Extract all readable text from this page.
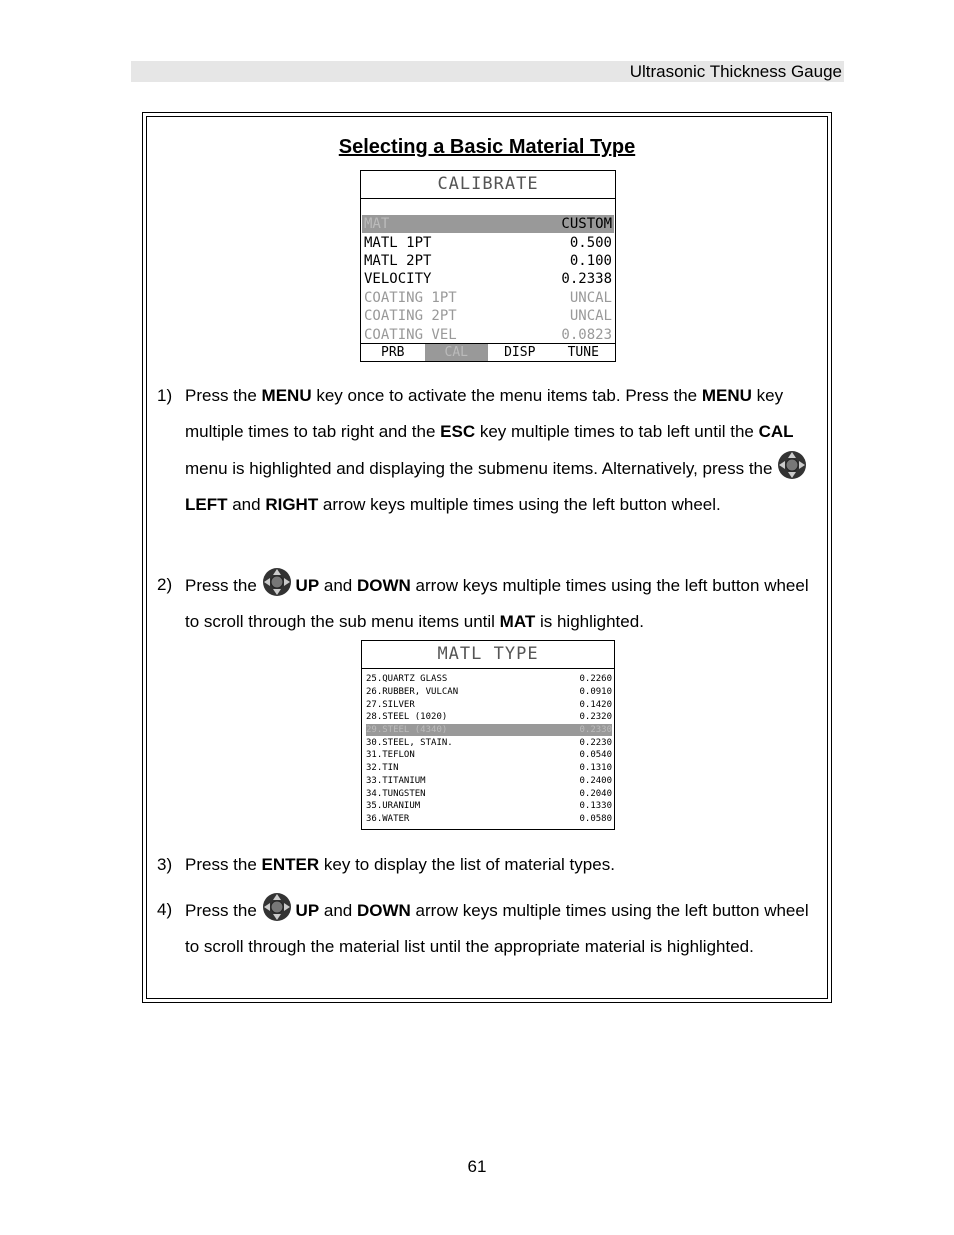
Ultrasonic Thickness Gauge
Selecting a Basic Material Type
CALIBRATE
MAT	CUSTOM
MATL 1PT	0.500
MATL 2PT	0.100
VELOCITY	0.2338
COATING 1PT	UNCAL
COATING 2PT	UNCAL
COATING VEL	0.0823
PRB	CAL	DISP	TUNE
1) Press the MENU key once to activate the menu items tab. Press the MENU key multiple times to tab right and the ESC key multiple times to tab left until the CAL menu is highlighted and displaying the submenu items. Alternatively, press the LEFT and RIGHT arrow keys multiple times using the left button wheel.
2) Press the UP and DOWN arrow keys multiple times using the left button wheel to scroll through the sub menu items until MAT is highlighted.
MATL TYPE
25.QUARTZ GLASS	0.2260
26.RUBBER, VULCAN	0.0910
27.SILVER	0.1420
28.STEEL (1020)	0.2320
29.STEEL (4340)	0.2330
30.STEEL, STAIN.	0.2230
31.TEFLON	0.0540
32.TIN	0.1310
33.TITANIUM	0.2400
34.TUNGSTEN	0.2040
35.URANIUM	0.1330
36.WATER	0.0580
3) Press the ENTER key to display the list of material types.
4) Press the UP and DOWN arrow keys multiple times using the left button wheel to scroll through the material list until the appropriate material is highlighted.
61
